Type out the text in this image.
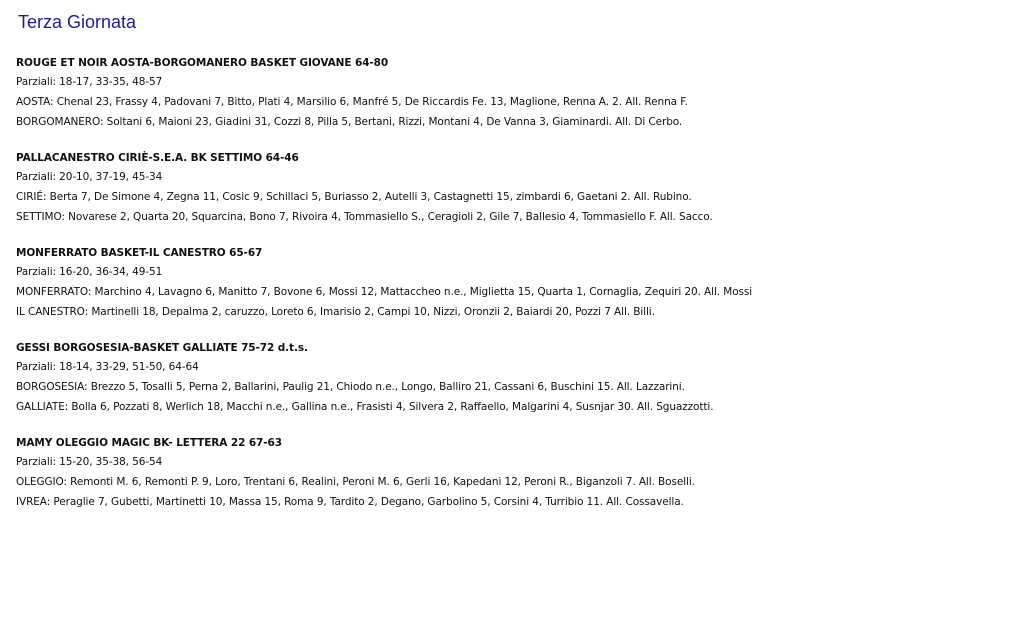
Terza Giornata
ROUGE ET NOIR AOSTA-BORGOMANERO BASKET GIOVANE 64-80
Parziali: 18-17, 33-35, 48-57
AOSTA: Chenal 23, Frassy 4, Padovani 7, Bitto, Plati 4, Marsilio 6, Manfré 5, De Riccardis Fe. 13, Maglione, Renna A. 2. All. Renna F.
BORGOMANERO: Soltani 6, Maioni 23, Giadini 31, Cozzi 8, Pilla 5, Bertani, Rizzi, Montani 4, De Vanna 3, Giaminardi. All. Di Cerbo.
PALLACANESTRO CIRIÈ-S.E.A. BK SETTIMO 64-46
Parziali: 20-10, 37-19, 45-34
CIRIÉ: Berta 7, De Simone 4, Zegna 11, Cosic 9, Schillaci 5, Buriasso 2, Autelli 3, Castagnetti 15, zimbardi 6, Gaetani 2. All. Rubino.
SETTIMO: Novarese 2, Quarta 20, Squarcina, Bono 7, Rivoira 4, Tommasiello S., Ceragioli 2, Gile 7, Ballesio 4, Tommasiello F. All. Sacco.
MONFERRATO BASKET-IL CANESTRO 65-67
Parziali: 16-20, 36-34, 49-51
MONFERRATO: Marchino 4, Lavagno 6, Manitto 7, Bovone 6, Mossi 12, Mattaccheo n.e., Miglietta 15, Quarta 1, Cornaglia, Zequiri 20. All. Mossi
IL CANESTRO: Martinelli 18, Depalma 2, caruzzo, Loreto 6, Imarisio 2, Campi 10, Nizzi, Oronzii 2, Baiardi 20, Pozzi 7 All. Billi.
GESSI BORGOSESIA-BASKET GALLIATE 75-72 d.t.s.
Parziali: 18-14, 33-29, 51-50, 64-64
BORGOSESIA: Brezzo 5, Tosalli 5, Perna 2, Ballarini, Paulig 21, Chiodo n.e., Longo, Balliro 21, Cassani 6, Buschini 15. All. Lazzarini.
GALLIATE: Bolla 6, Pozzati 8, Werlich 18, Macchi n.e., Gallina n.e., Frasisti 4, Silvera 2, Raffaello, Malgarini 4, Susnjar 30. All. Sguazzotti.
MAMY OLEGGIO MAGIC BK- LETTERA 22 67-63
Parziali: 15-20, 35-38, 56-54
OLEGGIO: Remonti M. 6, Remonti P. 9, Loro, Trentani 6, Realini, Peroni M. 6, Gerli 16, Kapedani 12, Peroni R., Biganzoli 7. All. Boselli.
IVREA: Peraglie 7, Gubetti, Martinetti 10, Massa 15, Roma 9, Tardito 2, Degano, Garbolino 5, Corsini 4, Turribio 11. All. Cossavella.
